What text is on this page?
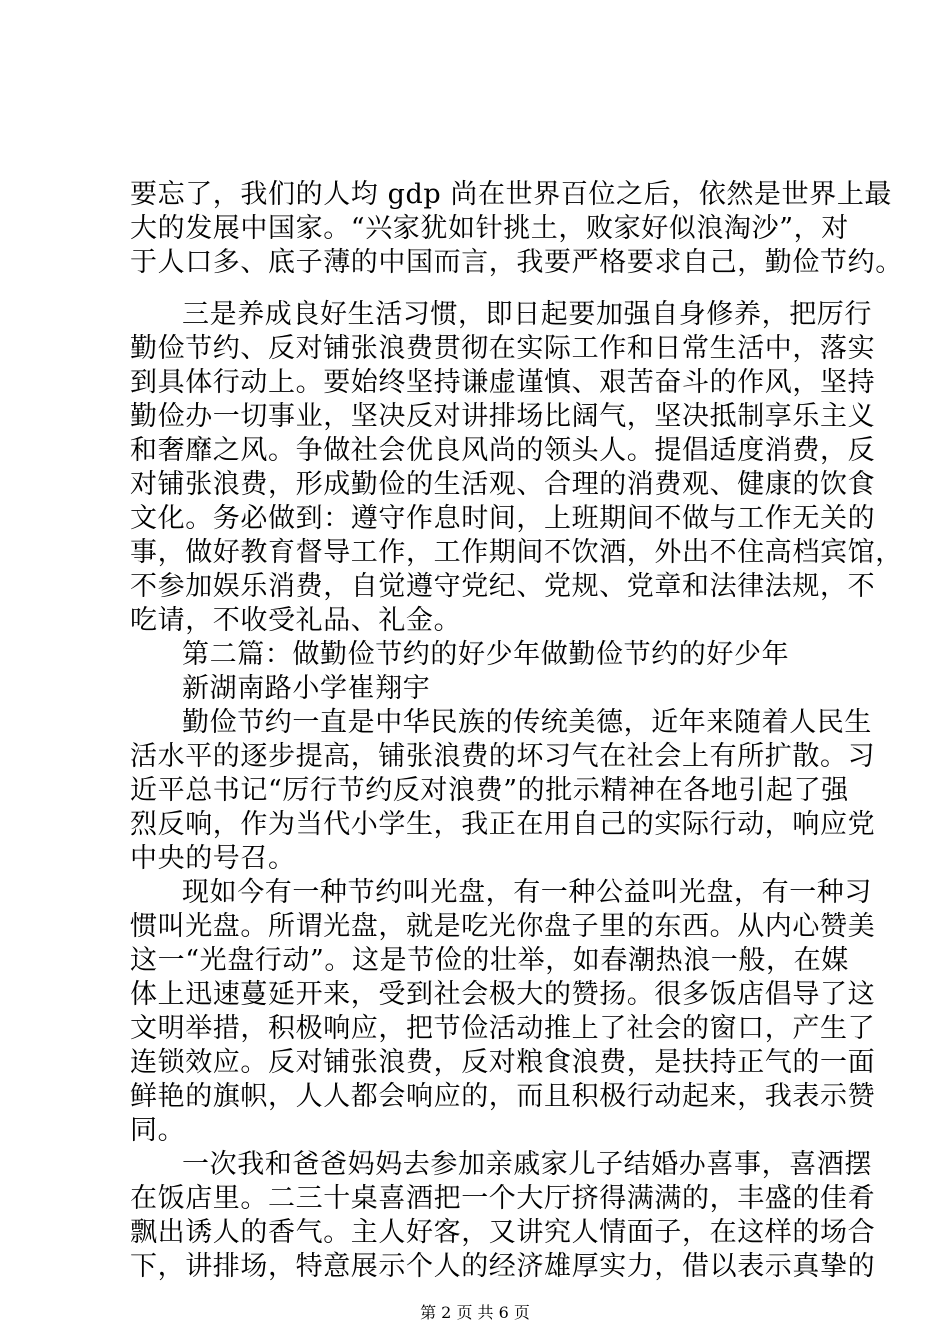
要忘了，我们的人均 gdp 尚在世界百位之后，依然是世界上最
大的发展中国家。“兴家犹如针挑土，败家好似浪淘沙”，对
于人口多、底子薄的中国而言，我要严格要求自己，勤俭节约。
三是养成良好生活习惯，即日起要加强自身修养，把厉行
勤俭节约、反对铺张浪费贯彻在实际工作和日常生活中，落实
到具体行动上。要始终坚持谦虚谨慎、艰苦奋斗的作风，坚持
勤俭办一切事业，坚决反对讲排场比阔气，坚决抵制享乐主义
和奢靡之风。争做社会优良风尚的领头人。提倡适度消费，反
对铺张浪费，形成勤俭的生活观、合理的消费观、健康的饮食
文化。务必做到：遵守作息时间，上班期间不做与工作无关的
事，做好教育督导工作，工作期间不饮酒，外出不住高档宾馆，
不参加娱乐消费，自觉遵守党纪、党规、党章和法律法规，不
吃请，不收受礼品、礼金。
第二篇：做勤俭节约的好少年做勤俭节约的好少年
新湖南路小学崔翔宇
勤俭节约一直是中华民族的传统美德，近年来随着人民生
活水平的逐步提高，铺张浪费的坏习气在社会上有所扩散。习
近平总书记“厉行节约反对浪费”的批示精神在各地引起了强
烈反响，作为当代小学生，我正在用自己的实际行动，响应党
中央的号召。
现如今有一种节约叫光盘，有一种公益叫光盘，有一种习
惯叫光盘。所谓光盘，就是吃光你盘子里的东西。从内心赞美
这一“光盘行动”。这是节俭的壮举，如春潮热浪一般，在媒
体上迅速蔓延开来，受到社会极大的赞扬。很多饭店倡导了这
文明举措，积极响应，把节俭活动推上了社会的窗口，产生了
连锁效应。反对铺张浪费，反对粮食浪费，是扶持正气的一面
鲜艳的旗帜，人人都会响应的，而且积极行动起来，我表示赞
同。
一次我和爸爸妈妈去参加亲戚家儿子结婚办喜事，喜酒摆
在饭店里。二三十桌喜酒把一个大厅挤得满满的，丰盛的佳肴
飘出诱人的香气。主人好客，又讲究人情面子，在这样的场合
下，讲排场，特意展示个人的经济雄厚实力，借以表示真挚的
第 2 页 共 6 页
